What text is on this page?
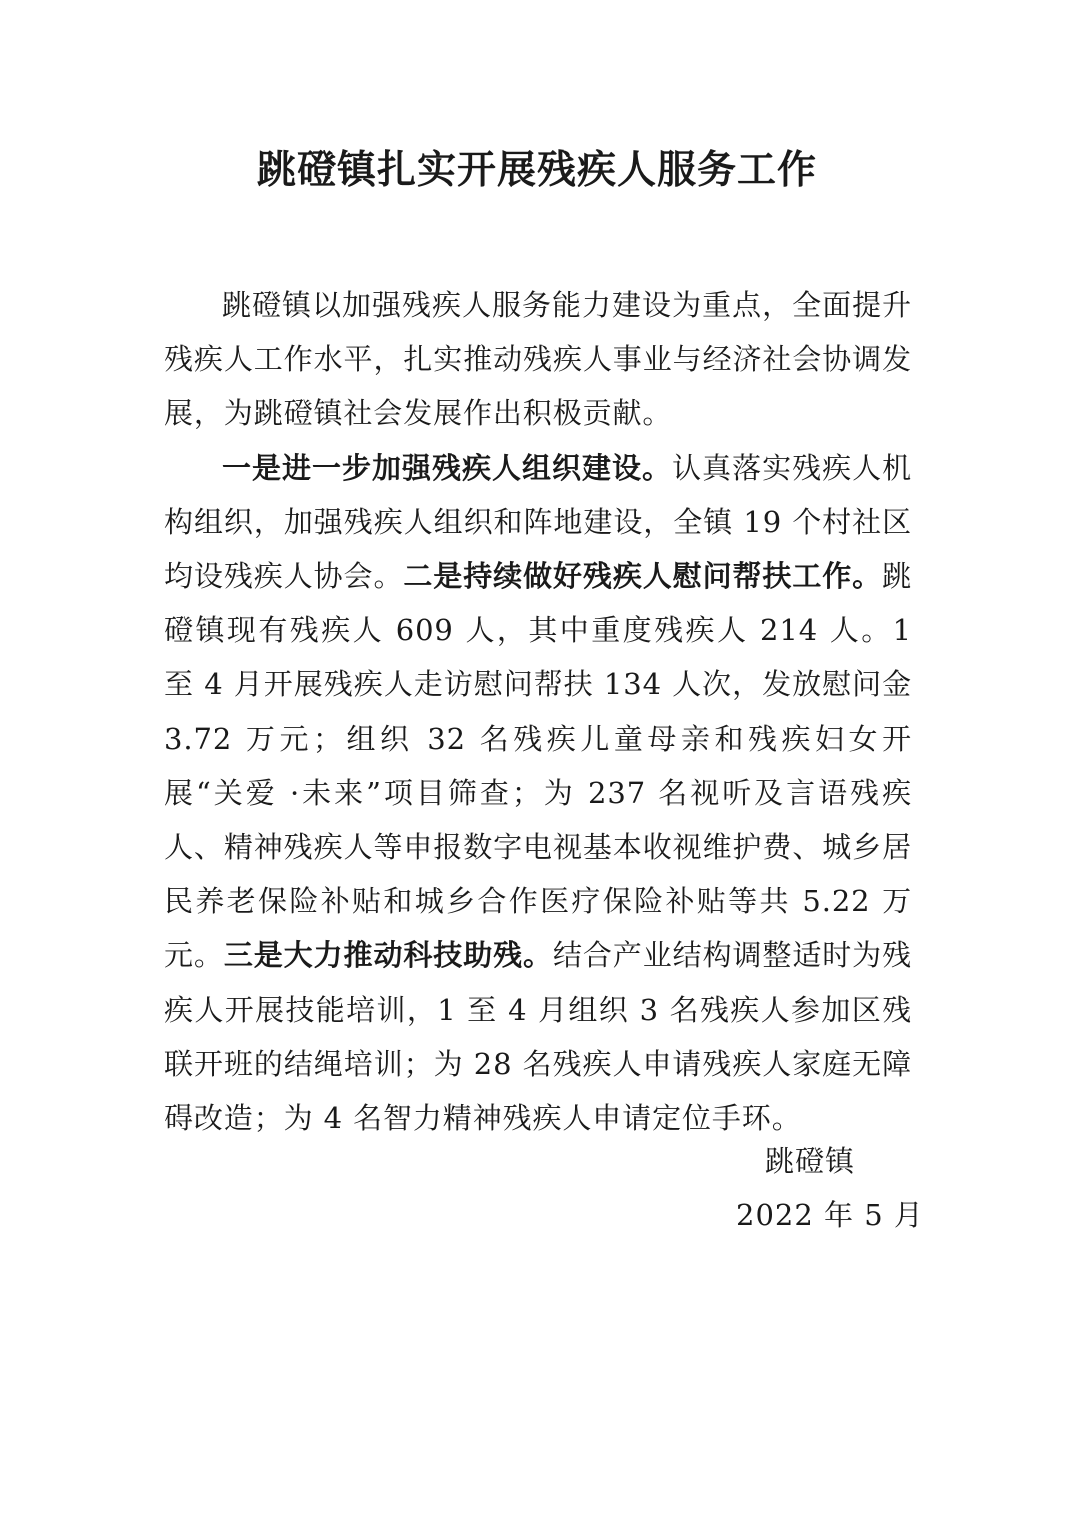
跳磴镇扎实开展残疾人服务工作

跳磴镇以加强残疾人服务能力建设为重点，全面提升残疾人工作水平，扎实推动残疾人事业与经济社会协调发展，为跳磴镇社会发展作出积极贡献。

一是进一步加强残疾人组织建设。认真落实残疾人机构组织，加强残疾人组织和阵地建设，全镇 19 个村社区均设残疾人协会。二是持续做好残疾人慰问帮扶工作。跳磴镇现有残疾人 609 人，其中重度残疾人 214 人。1 至 4 月开展残疾人走访慰问帮扶 134 人次，发放慰问金 3.72 万元；组织 32 名残疾儿童母亲和残疾妇女开展“关爱 ·未来”项目筛查；为 237 名视听及言语残疾人、精神残疾人等申报数字电视基本收视维护费、城乡居民养老保险补贴和城乡合作医疗保险补贴等共 5.22 万元。三是大力推动科技助残。结合产业结构调整适时为残疾人开展技能培训，1 至 4 月组织 3 名残疾人参加区残联开班的结绳培训；为 28 名残疾人申请残疾人家庭无障碍改造；为 4 名智力精神残疾人申请定位手环。

跳磴镇
2022 年 5 月
